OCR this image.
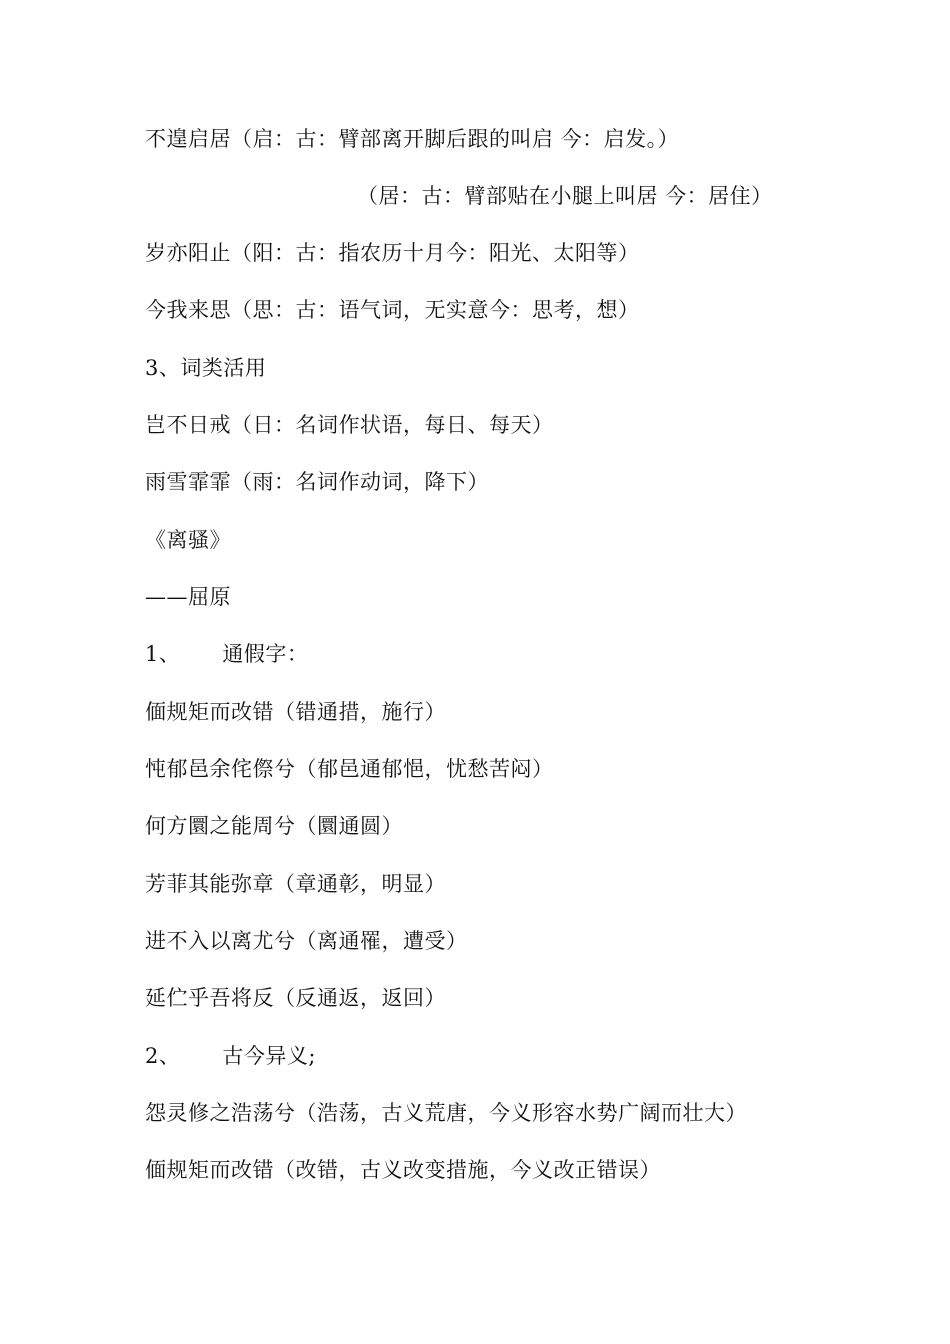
不遑启居（启：古：臂部离开脚后跟的叫启 今：启发。）
（居：古：臂部贴在小腿上叫居 今：居住）
岁亦阳止（阳：古：指农历十月今：阳光、太阳等）
今我来思（思：古：语气词，无实意今：思考，想）
3、词类活用
岂不日戒（日：名词作状语，每日、每天）
雨雪霏霏（雨：名词作动词，降下）
《离骚》
——屈原
1、 通假字：
偭规矩而改错（错通措，施行）
忳郁邑余侘傺兮（郁邑通郁悒，忧愁苦闷）
何方圜之能周兮（圜通圆）
芳菲其能弥章（章通彰，明显）
进不入以离尤兮（离通罹，遭受）
延伫乎吾将反（反通返，返回）
2、 古今异义;
怨灵修之浩荡兮（浩荡，古义荒唐，今义形容水势广阔而壮大）
偭规矩而改错（改错，古义改变措施，今义改正错误）
